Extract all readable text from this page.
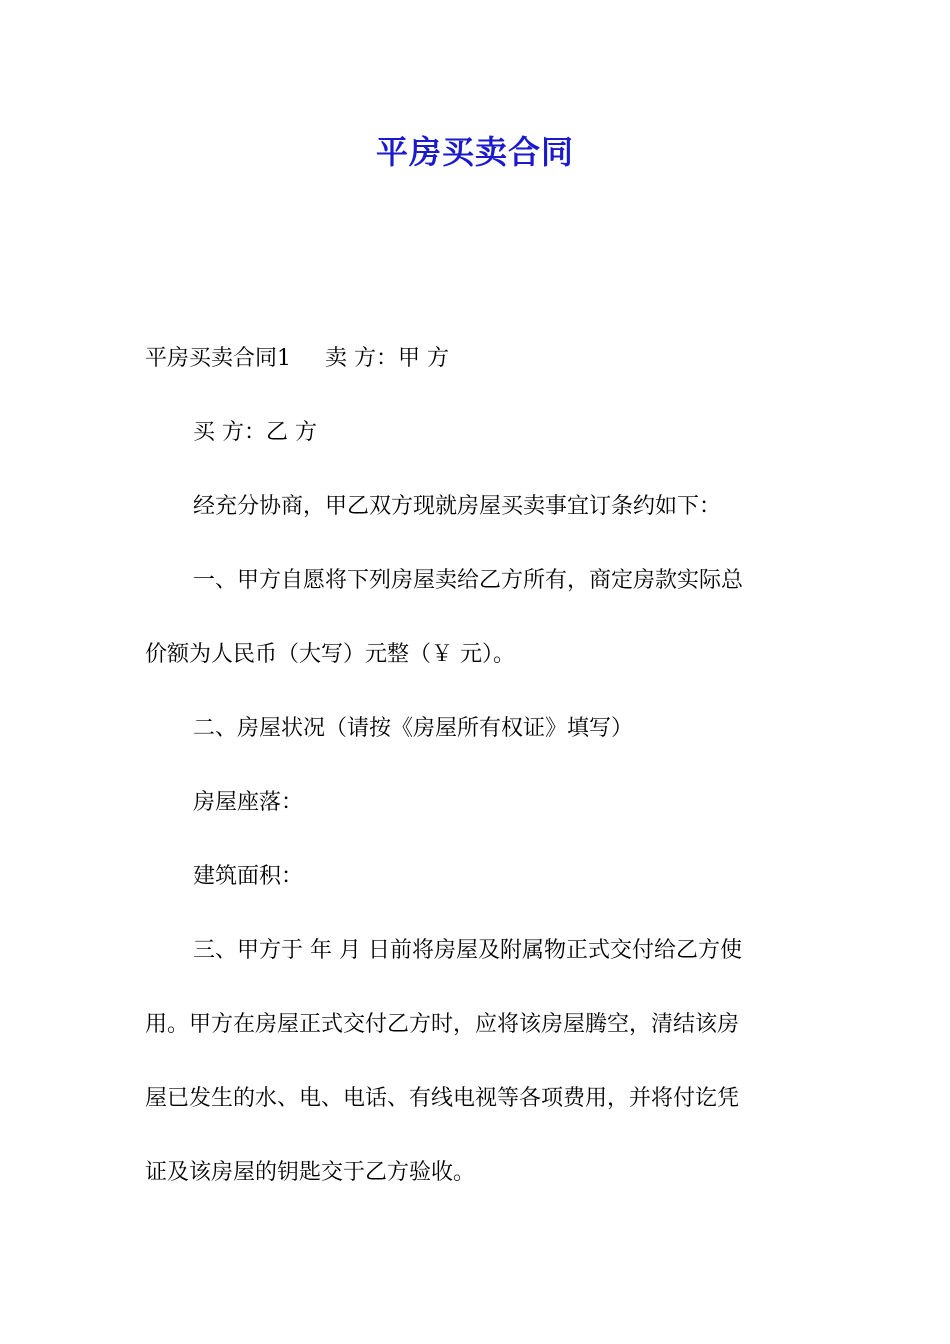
平房买卖合同
平房买卖合同1 卖 方：甲 方
买 方：乙 方
经充分协商，甲乙双方现就房屋买卖事宜订条约如下：
一、甲方自愿将下列房屋卖给乙方所有，商定房款实际总
价额为人民币（大写）元整（￥ 元）。
二、房屋状况（请按《房屋所有权证》填写）
房屋座落：
建筑面积：
三、甲方于 年 月 日前将房屋及附属物正式交付给乙方使
用。甲方在房屋正式交付乙方时，应将该房屋腾空，清结该房
屋已发生的水、电、电话、有线电视等各项费用，并将付讫凭
证及该房屋的钥匙交于乙方验收。
